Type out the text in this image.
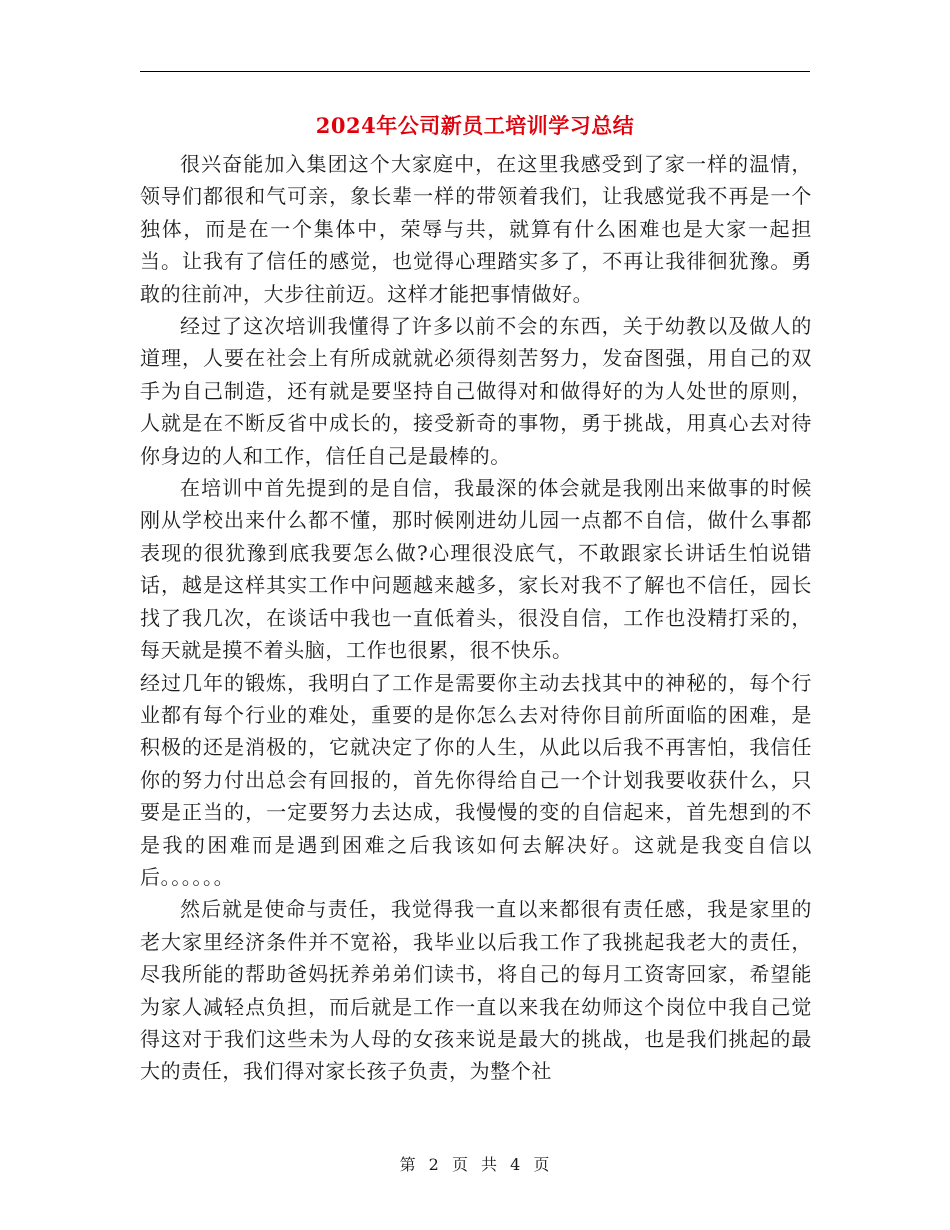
2024年公司新员工培训学习总结

很兴奋能加入集团这个大家庭中，在这里我感受到了家一样的温情，领导们都很和气可亲，象长辈一样的带领着我们，让我感觉我不再是一个独体，而是在一个集体中，荣辱与共，就算有什么困难也是大家一起担当。让我有了信任的感觉，也觉得心理踏实多了，不再让我徘徊犹豫。勇敢的往前冲，大步往前迈。这样才能把事情做好。

经过了这次培训我懂得了许多以前不会的东西，关于幼教以及做人的道理，人要在社会上有所成就就必须得刻苦努力，发奋图强，用自己的双手为自己制造，还有就是要坚持自己做得对和做得好的为人处世的原则，人就是在不断反省中成长的，接受新奇的事物，勇于挑战，用真心去对待你身边的人和工作，信任自己是最棒的。

在培训中首先提到的是自信，我最深的体会就是我刚出来做事的时候刚从学校出来什么都不懂，那时候刚进幼儿园一点都不自信，做什么事都表现的很犹豫到底我要怎么做?心理很没底气，不敢跟家长讲话生怕说错话，越是这样其实工作中问题越来越多，家长对我不了解也不信任，园长找了我几次，在谈话中我也一直低着头，很没自信，工作也没精打采的，每天就是摸不着头脑，工作也很累，很不快乐。

经过几年的锻炼，我明白了工作是需要你主动去找其中的神秘的，每个行业都有每个行业的难处，重要的是你怎么去对待你目前所面临的困难，是积极的还是消极的，它就决定了你的人生，从此以后我不再害怕，我信任你的努力付出总会有回报的，首先你得给自己一个计划我要收获什么，只要是正当的，一定要努力去达成，我慢慢的变的自信起来，首先想到的不是我的困难而是遇到困难之后我该如何去解决好。这就是我变自信以后。。。。。。

然后就是使命与责任，我觉得我一直以来都很有责任感，我是家里的老大家里经济条件并不宽裕，我毕业以后我工作了我挑起我老大的责任，尽我所能的帮助爸妈抚养弟弟们读书，将自己的每月工资寄回家，希望能为家人减轻点负担，而后就是工作一直以来我在幼师这个岗位中我自己觉得这对于我们这些未为人母的女孩来说是最大的挑战，也是我们挑起的最大的责任，我们得对家长孩子负责，为整个社

第 2 页 共 4 页
